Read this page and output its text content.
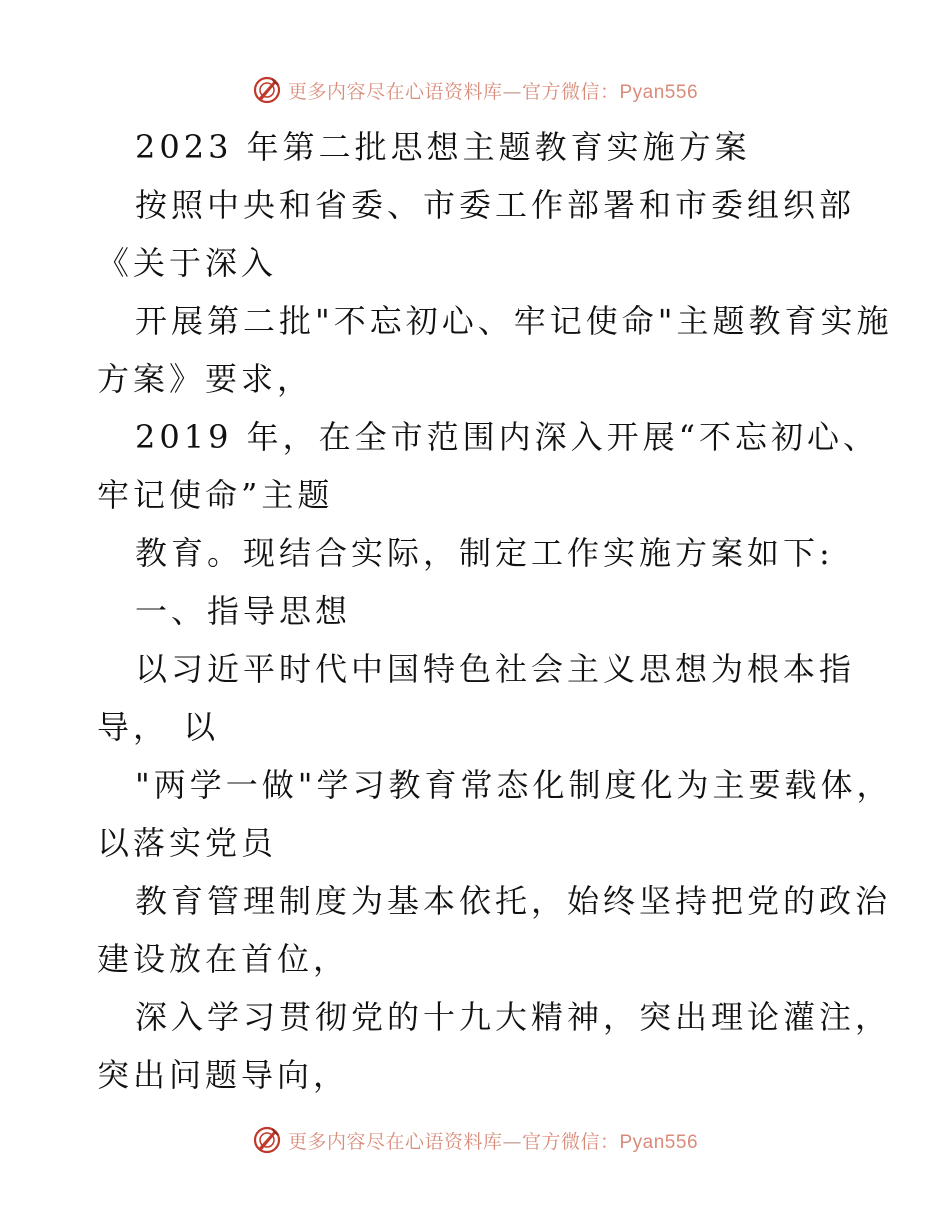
更多内容尽在心语资料库—官方微信：Pyan556
2023 年第二批思想主题教育实施方案
按照中央和省委、市委工作部署和市委组织部
《关于深入
开展第二批"不忘初心、牢记使命"主题教育实施
方案》要求，
2019 年，在全市范围内深入开展“不忘初心、
牢记使命”主题
教育。现结合实际，制定工作实施方案如下:
一、指导思想
以习近平时代中国特色社会主义思想为根本指
导， 以
"两学一做"学习教育常态化制度化为主要载体，
以落实党员
教育管理制度为基本依托，始终坚持把党的政治
建设放在首位，
深入学习贯彻党的十九大精神，突出理论灌注，
突出问题导向，
更多内容尽在心语资料库—官方微信：Pyan556
